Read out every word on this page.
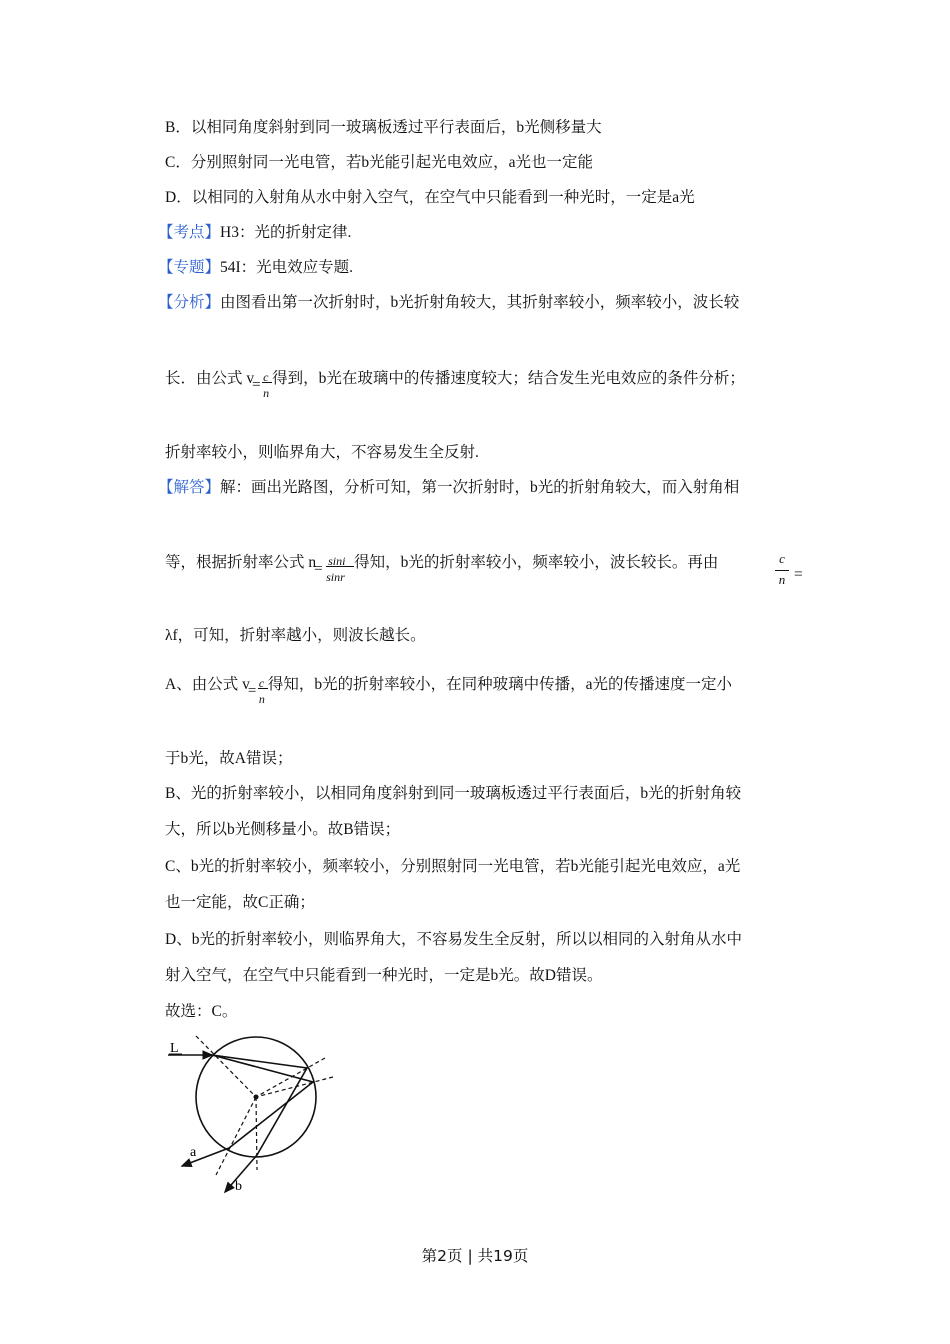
B．以相同角度斜射到同一玻璃板透过平行表面后，b光侧移量大
C．分别照射同一光电管，若b光能引起光电效应，a光也一定能
D．以相同的入射角从水中射入空气，在空气中只能看到一种光时，一定是a光
【考点】H3：光的折射定律.
【专题】54I：光电效应专题.
【分析】由图看出第一次折射时，b光折射角较大，其折射率较小，频率较小，波长较
长．由公式 v
= c
n
得到，b光在玻璃中的传播速度较大；结合发生光电效应的条件分析；
折射率较小，则临界角大，不容易发生全反射.
【解答】解：画出光路图，分析可知，第一次折射时，b光的折射角较大，而入射角相
等，根据折射率公式 n
= sini
sinr
得知，b光的折射率较小，频率较小，波长较长。再由	c
n =
λf，可知，折射率越小，则波长越长。
A、由公式 v
= c
n
得知，b光的折射率较小，在同种玻璃中传播，a光的传播速度一定小
于b光，故A错误；
B、光的折射率较小，以相同角度斜射到同一玻璃板透过平行表面后，b光的折射角较
大，所以b光侧移量小。故B错误；
C、b光的折射率较小，频率较小，分别照射同一光电管，若b光能引起光电效应，a光
也一定能，故C正确；
D、b光的折射率较小，则临界角大，不容易发生全反射，所以以相同的入射角从水中
射入空气，在空气中只能看到一种光时，一定是b光。故D错误。
故选：C。
L
a
b
第2页 | 共19页
